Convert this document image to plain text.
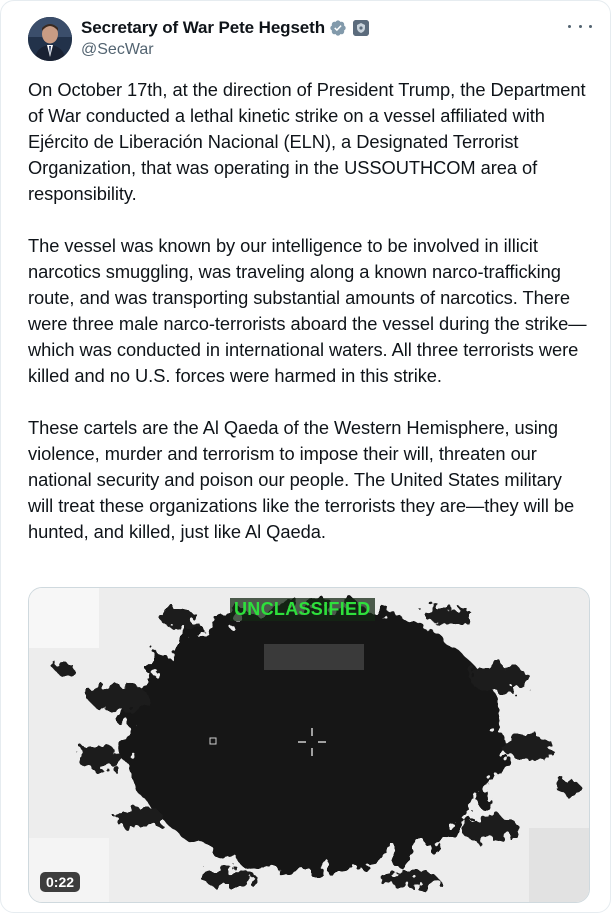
Secretary of War Pete Hegseth
@SecWar

On October 17th, at the direction of President Trump, the Department of War conducted a lethal kinetic strike on a vessel affiliated with Ejército de Liberación Nacional (ELN), a Designated Terrorist Organization, that was operating in the USSOUTHCOM area of responsibility.

The vessel was known by our intelligence to be involved in illicit narcotics smuggling, was traveling along a known narco-trafficking route, and was transporting substantial amounts of narcotics. There were three male narco-terrorists aboard the vessel during the strike—which was conducted in international waters. All three terrorists were killed and no U.S. forces were harmed in this strike.

These cartels are the Al Qaeda of the Western Hemisphere, using violence, murder and terrorism to impose their will, threaten our national security and poison our people. The United States military will treat these organizations like the terrorists they are—they will be hunted, and killed, just like Al Qaeda.

UNCLASSIFIED
0:22
